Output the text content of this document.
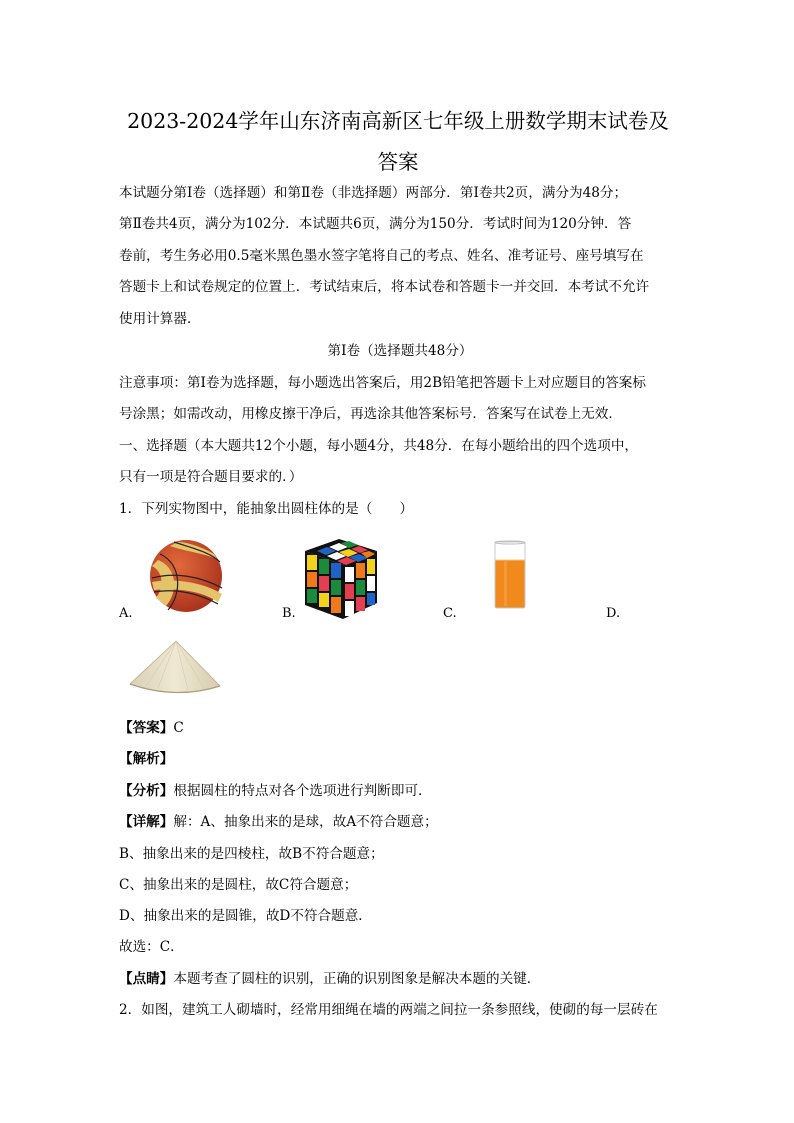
2023-2024学年山东济南高新区七年级上册数学期末试卷及
答案
本试题分第Ⅰ卷（选择题）和第Ⅱ卷（非选择题）两部分．第Ⅰ卷共2页，满分为48分；
第Ⅱ卷共4页，满分为102分．本试题共6页，满分为150分．考试时间为120分钟．答
卷前，考生务必用0.5毫米黑色墨水签字笔将自己的考点、姓名、准考证号、座号填写在
答题卡上和试卷规定的位置上．考试结束后，将本试卷和答题卡一并交回．本考试不允许
使用计算器．
第Ⅰ卷（选择题共48分）
注意事项：第Ⅰ卷为选择题，每小题选出答案后，用2B铅笔把答题卡上对应题目的答案标
号涂黑；如需改动，用橡皮擦干净后，再选涂其他答案标号．答案写在试卷上无效．
一、选择题（本大题共12个小题，每小题4分，共48分．在每小题给出的四个选项中，
只有一项是符合题目要求的．）
1．下列实物图中，能抽象出圆柱体的是（　　）
A.	B.	C.	D.
【答案】C
【解析】
【分析】根据圆柱的特点对各个选项进行判断即可．
【详解】解：A、抽象出来的是球，故A不符合题意；
B、抽象出来的是四棱柱，故B不符合题意；
C、抽象出来的是圆柱，故C符合题意；
D、抽象出来的是圆锥，故D不符合题意．
故选：C．
【点睛】本题考查了圆柱的识别，正确的识别图象是解决本题的关键．
2．如图，建筑工人砌墙时，经常用细绳在墙的两端之间拉一条参照线，使砌的每一层砖在
